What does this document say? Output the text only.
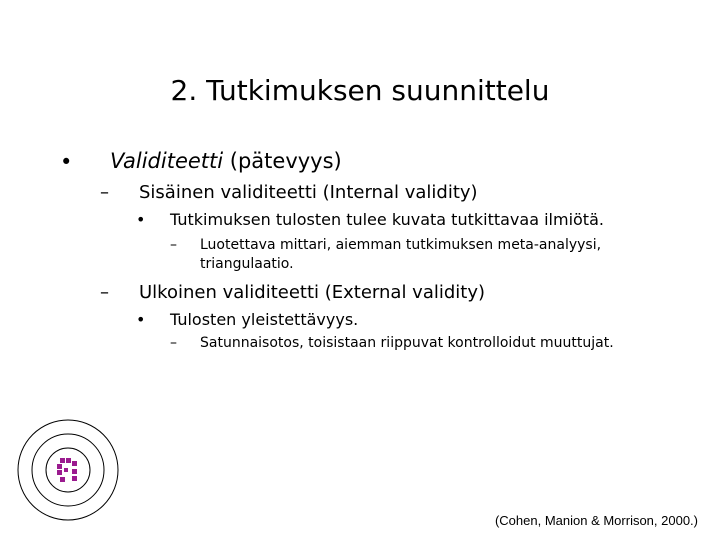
2. Tutkimuksen suunnittelu
• Validiteetti (pätevyys)
– Sisäinen validiteetti (Internal validity)
• Tutkimuksen tulosten tulee kuvata tutkittavaa ilmiötä.
– Luotettava mittari, aiemman tutkimuksen meta-analyysi,
triangulaatio.
– Ulkoinen validiteetti (External validity)
• Tulosten yleistettävyys.
– Satunnaisotos, toisistaan riippuvat kontrolloidut muuttujat.
(Cohen, Manion & Morrison, 2000.)
